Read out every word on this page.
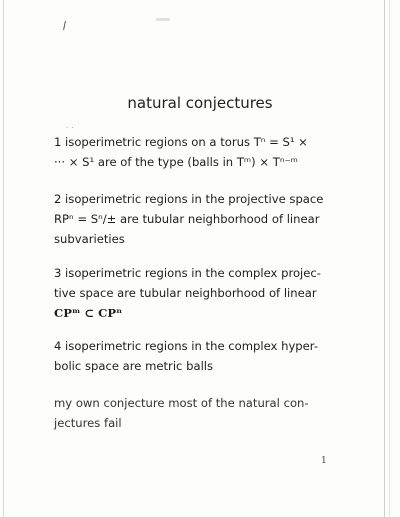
··
natural conjectures
1 isoperimetric regions on a torus Tⁿ = S¹ ×
··· × S¹ are of the type (balls in Tᵐ) × Tⁿ⁻ᵐ
2 isoperimetric regions in the projective space
RPⁿ = Sⁿ/± are tubular neighborhood of linear
subvarieties
3 isoperimetric regions in the complex projec-
tive space are tubular neighborhood of linear
CPᵐ ⊂ CPⁿ
4 isoperimetric regions in the complex hyper-
bolic space are metric balls
my own conjecture most of the natural con-
jectures fail
1
